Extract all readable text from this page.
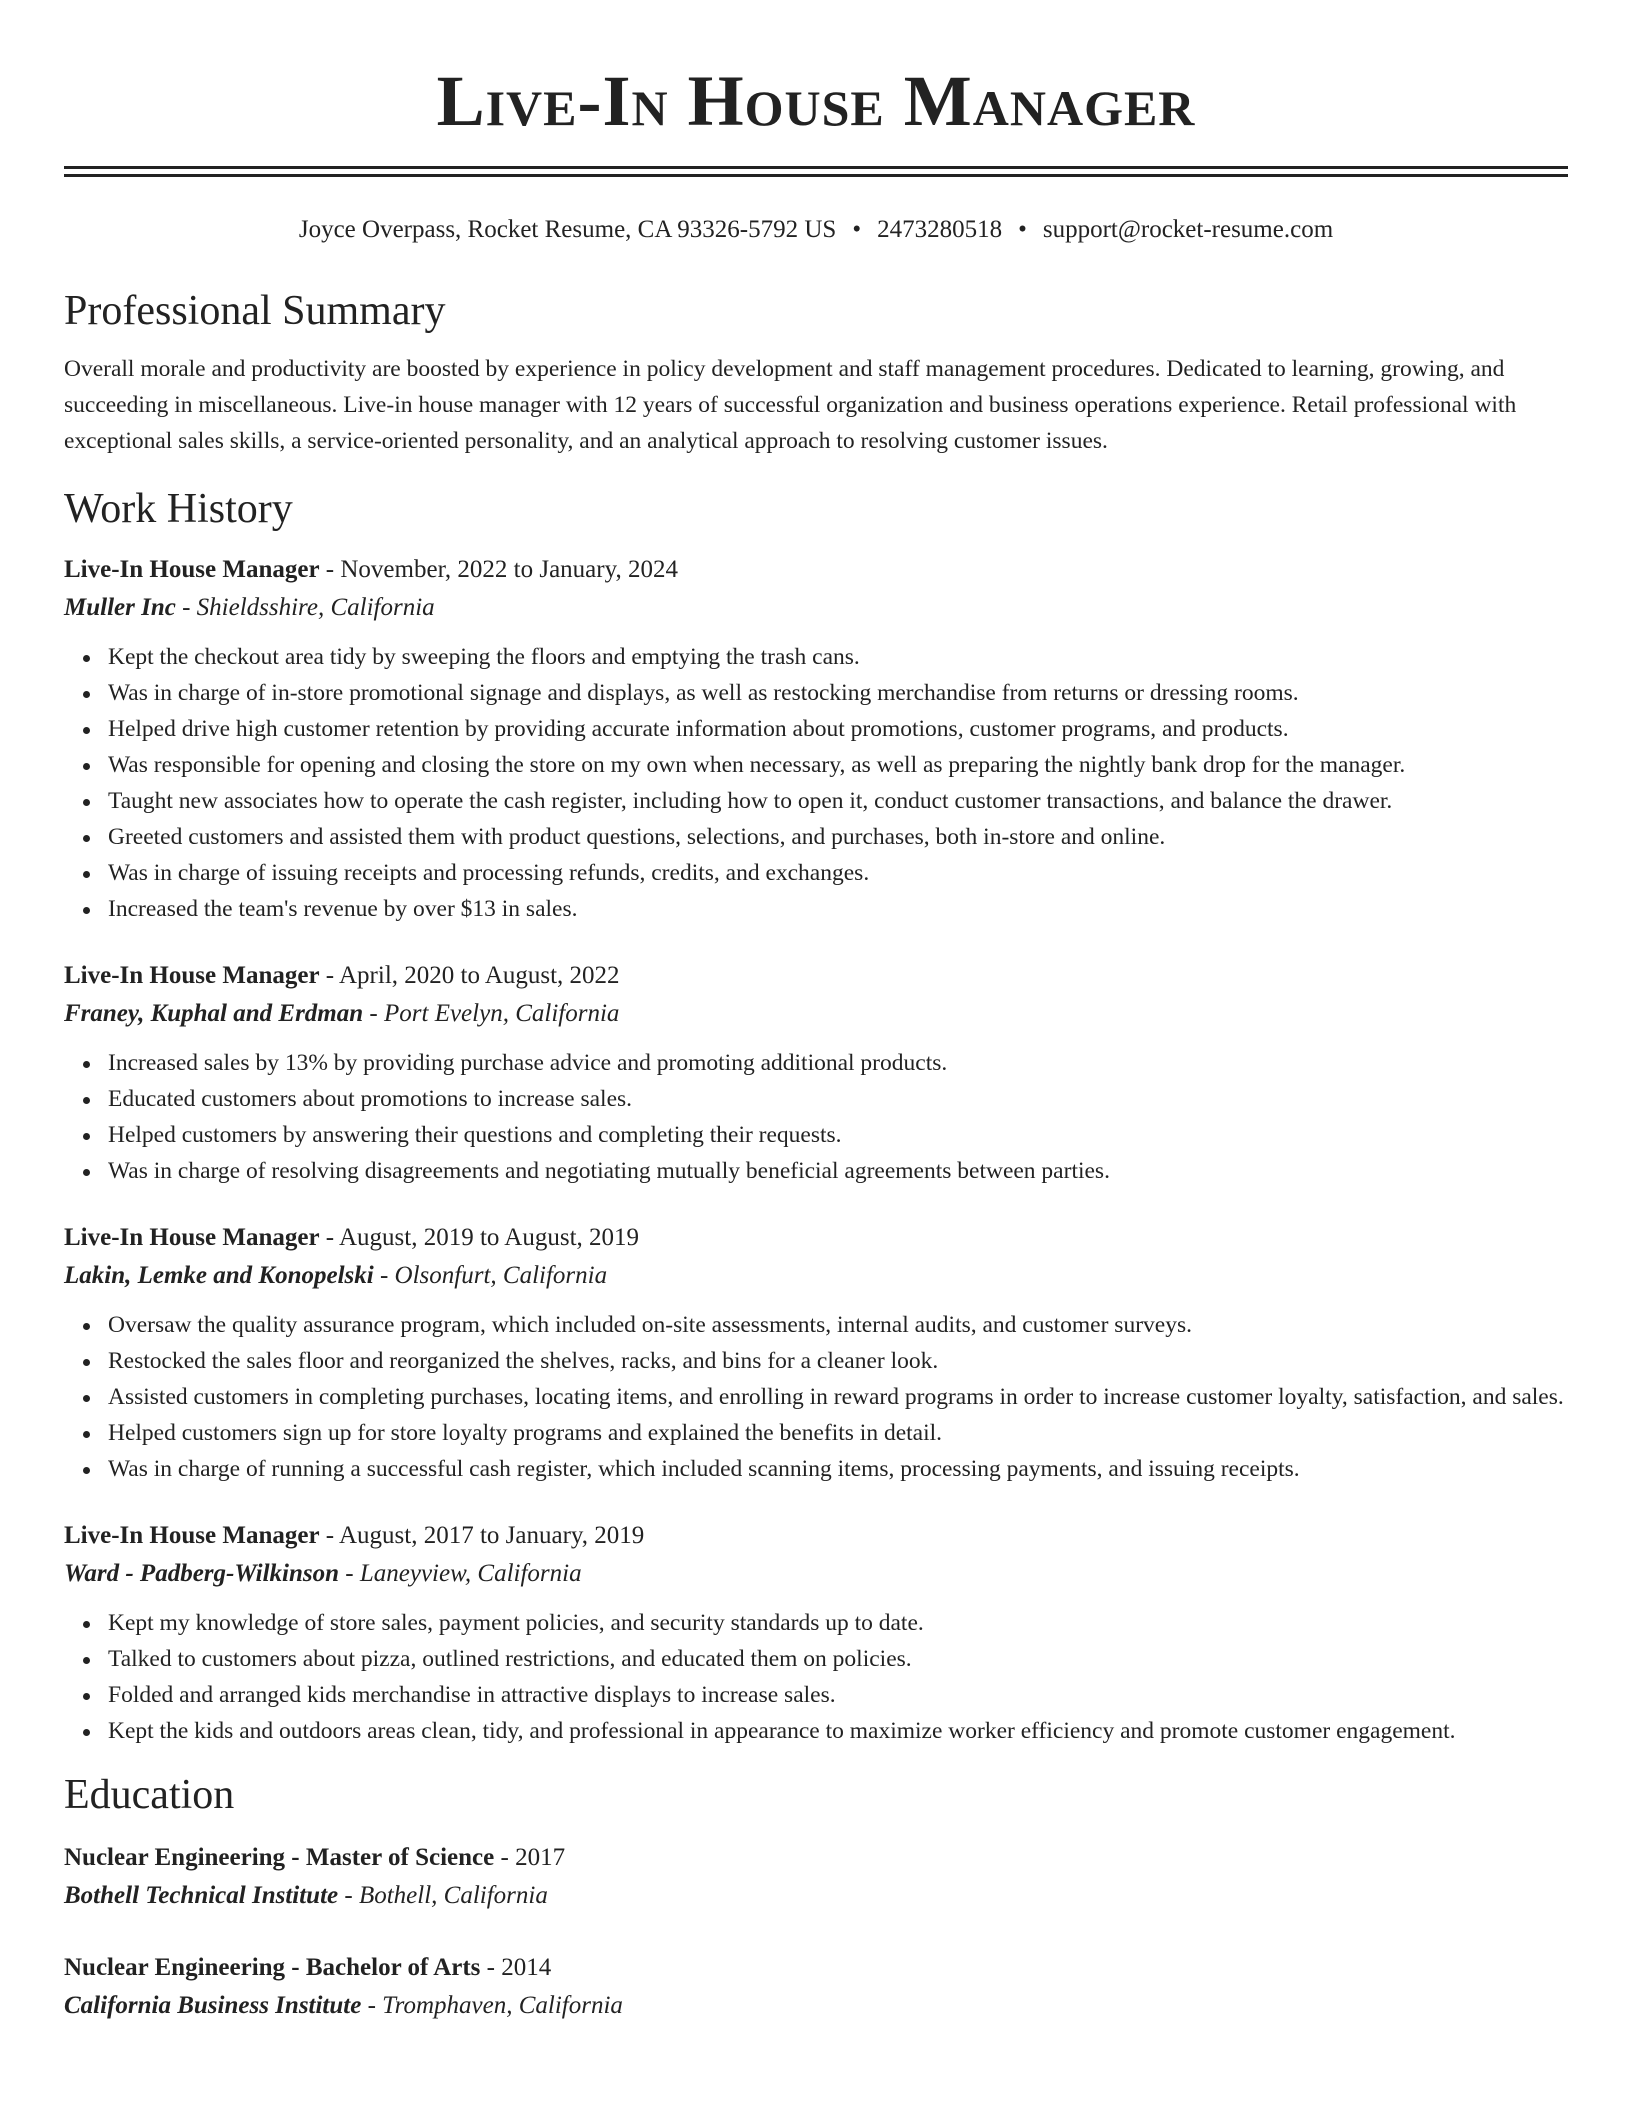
Live-In House Manager
Joyce Overpass, Rocket Resume, CA 93326-5792 US • 2473280518 • support@rocket-resume.com
Professional Summary

Overall morale and productivity are boosted by experience in policy development and staff management procedures. Dedicated to learning, growing, and succeeding in miscellaneous. Live-in house manager with 12 years of successful organization and business operations experience. Retail professional with exceptional sales skills, a service-oriented personality, and an analytical approach to resolving customer issues.

Work History
Live-In House Manager - November, 2022 to January, 2024
Muller Inc - Shieldsshire, California
Kept the checkout area tidy by sweeping the floors and emptying the trash cans.
Was in charge of in-store promotional signage and displays, as well as restocking merchandise from returns or dressing rooms.
Helped drive high customer retention by providing accurate information about promotions, customer programs, and products.
Was responsible for opening and closing the store on my own when necessary, as well as preparing the nightly bank drop for the manager.
Taught new associates how to operate the cash register, including how to open it, conduct customer transactions, and balance the drawer.
Greeted customers and assisted them with product questions, selections, and purchases, both in-store and online.
Was in charge of issuing receipts and processing refunds, credits, and exchanges.
Increased the team's revenue by over $13 in sales.
Live-In House Manager - April, 2020 to August, 2022
Franey, Kuphal and Erdman - Port Evelyn, California
Increased sales by 13% by providing purchase advice and promoting additional products.
Educated customers about promotions to increase sales.
Helped customers by answering their questions and completing their requests.
Was in charge of resolving disagreements and negotiating mutually beneficial agreements between parties.
Live-In House Manager - August, 2019 to August, 2019
Lakin, Lemke and Konopelski - Olsonfurt, California
Oversaw the quality assurance program, which included on-site assessments, internal audits, and customer surveys.
Restocked the sales floor and reorganized the shelves, racks, and bins for a cleaner look.
Assisted customers in completing purchases, locating items, and enrolling in reward programs in order to increase customer loyalty, satisfaction, and sales.
Helped customers sign up for store loyalty programs and explained the benefits in detail.
Was in charge of running a successful cash register, which included scanning items, processing payments, and issuing receipts.
Live-In House Manager - August, 2017 to January, 2019
Ward - Padberg-Wilkinson - Laneyview, California
Kept my knowledge of store sales, payment policies, and security standards up to date.
Talked to customers about pizza, outlined restrictions, and educated them on policies.
Folded and arranged kids merchandise in attractive displays to increase sales.
Kept the kids and outdoors areas clean, tidy, and professional in appearance to maximize worker efficiency and promote customer engagement.
Education
Nuclear Engineering - Master of Science - 2017
Bothell Technical Institute - Bothell, California
Nuclear Engineering - Bachelor of Arts - 2014
California Business Institute - Tromphaven, California
